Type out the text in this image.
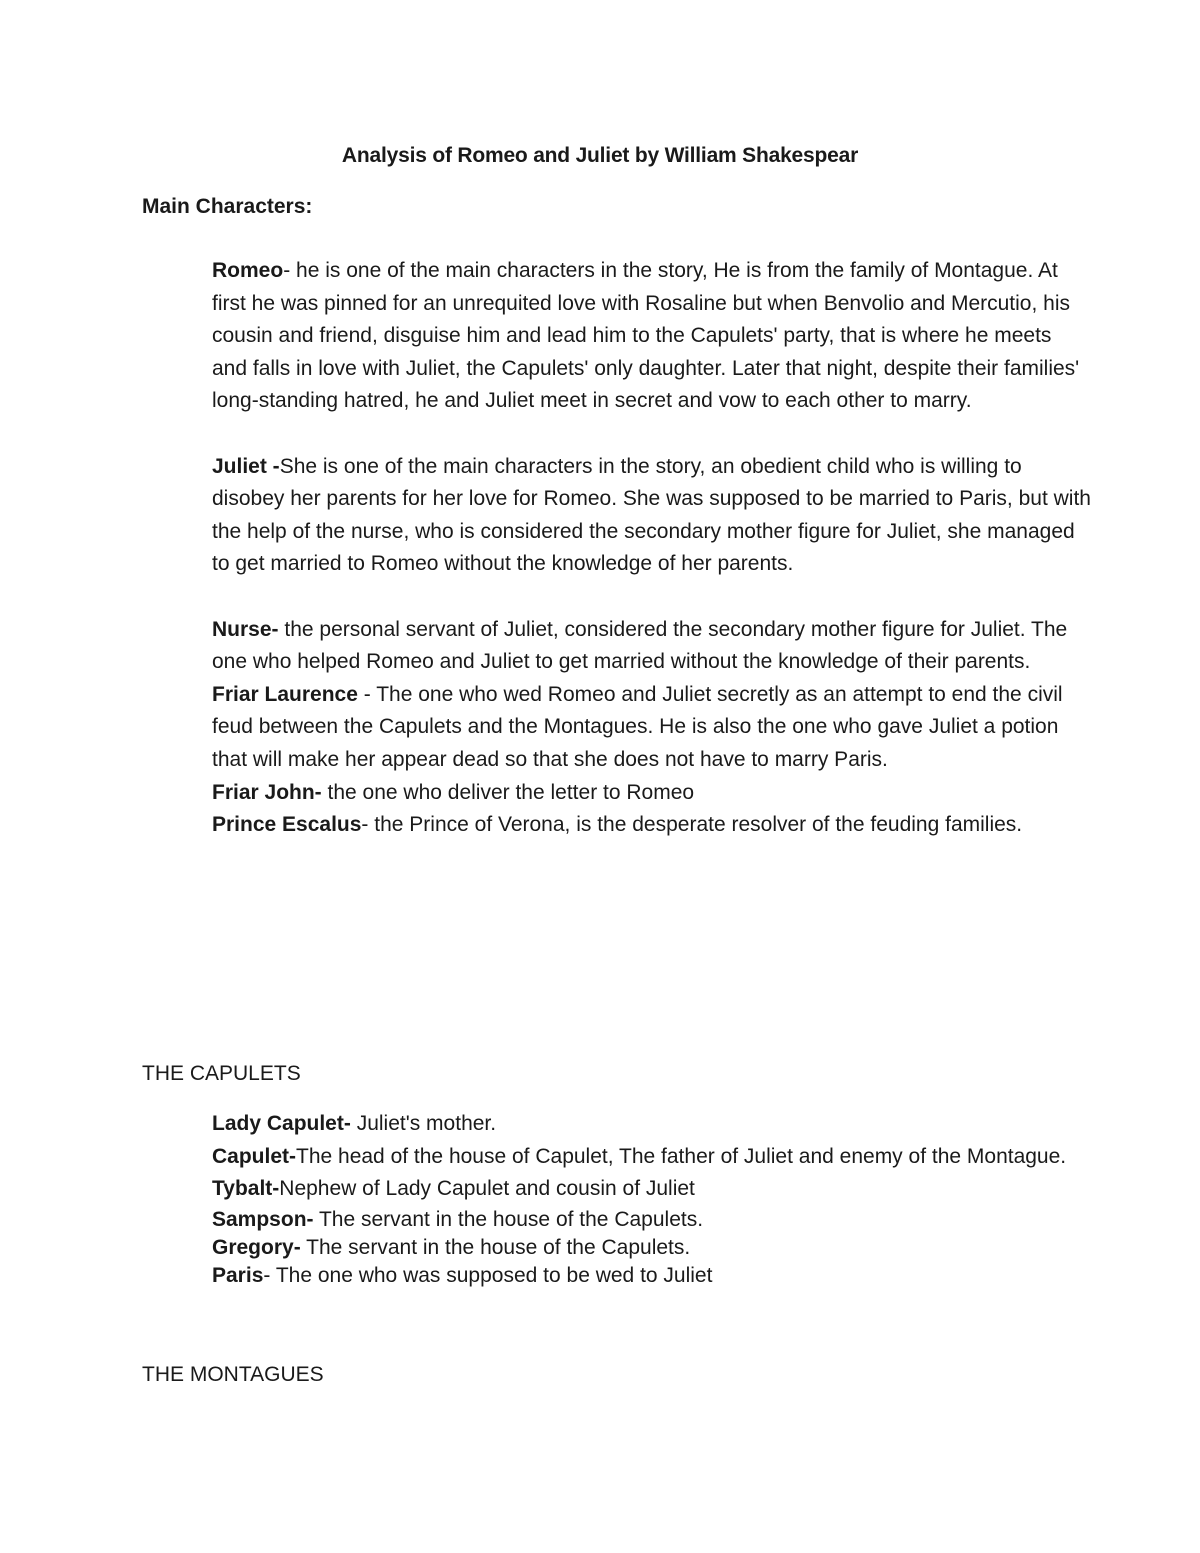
Analysis of Romeo and Juliet by William Shakespear
Main Characters:

Romeo- he is one of the main characters in the story, He is from the family of Montague. At first he was pinned for an unrequited love with Rosaline but when Benvolio and Mercutio, his cousin and friend, disguise him and lead him to the Capulets' party, that is where he meets and falls in love with Juliet, the Capulets' only daughter. Later that night, despite their families' long-standing hatred, he and Juliet meet in secret and vow to each other to marry.

Juliet -She is one of the main characters in the story, an obedient child who is willing to disobey her parents for her love for Romeo. She was supposed to be married to Paris, but with the help of the nurse, who is considered the secondary mother figure for Juliet, she managed to get married to Romeo without the knowledge of her parents.

Nurse- the personal servant of Juliet, considered the secondary mother figure for Juliet. The one who helped Romeo and Juliet to get married without the knowledge of their parents.

Friar Laurence - The one who wed Romeo and Juliet secretly as an attempt to end the civil feud between the Capulets and the Montagues. He is also the one who gave Juliet a potion that will make her appear dead so that she does not have to marry Paris.

Friar John- the one who deliver the letter to Romeo

Prince Escalus- the Prince of Verona, is the desperate resolver of the feuding families.

THE CAPULETS

Lady Capulet- Juliet's mother.

Capulet-The head of the house of Capulet, The father of Juliet and enemy of the Montague.

Tybalt-Nephew of Lady Capulet and cousin of Juliet

Sampson- The servant in the house of the Capulets.

Gregory- The servant in the house of the Capulets.

Paris- The one who was supposed to be wed to Juliet

THE MONTAGUES
